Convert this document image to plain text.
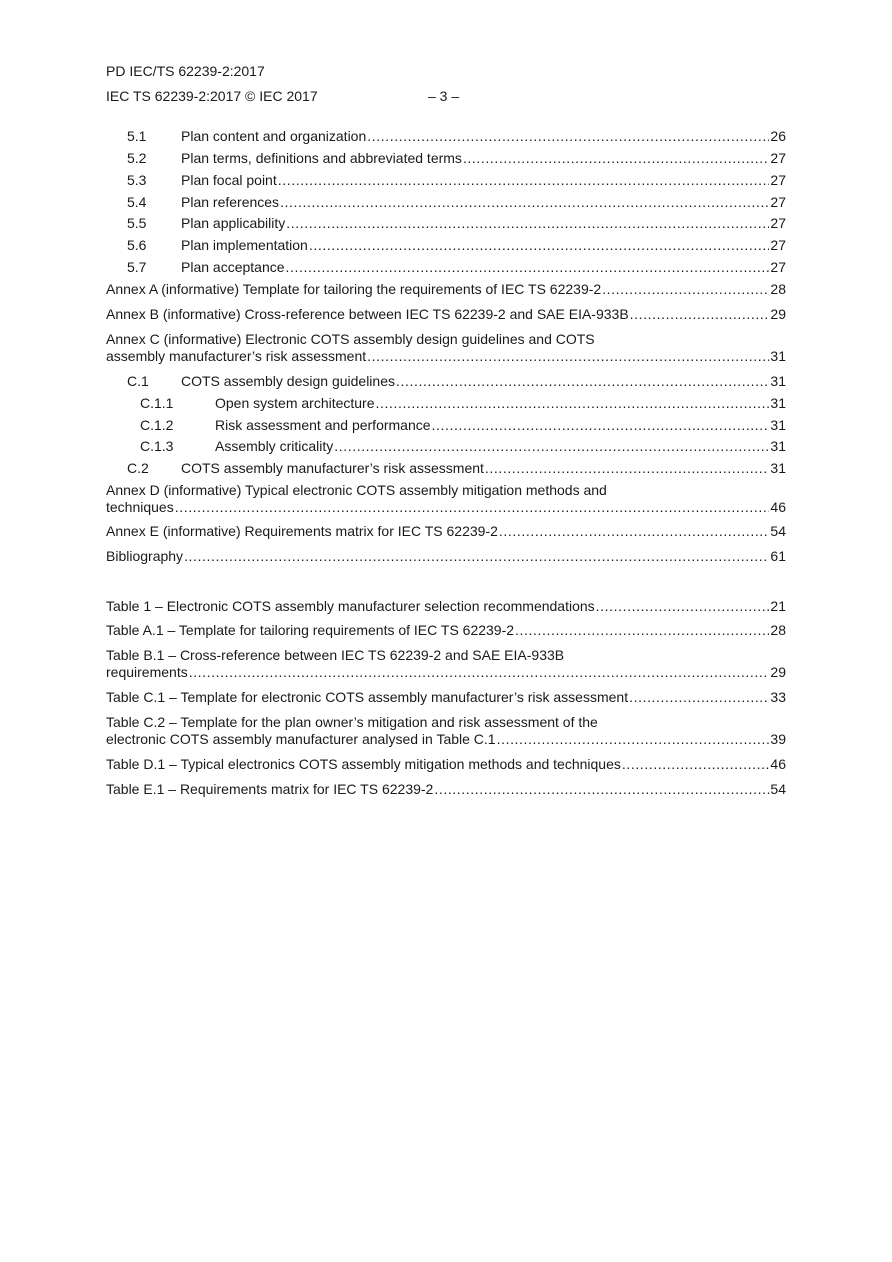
PD IEC/TS 62239-2:2017
IEC TS 62239-2:2017 © IEC 2017	– 3 –
5.1	Plan content and organization .....	26
5.2	Plan terms, definitions and abbreviated terms .....	27
5.3	Plan focal point .....	27
5.4	Plan references .....	27
5.5	Plan applicability .....	27
5.6	Plan implementation .....	27
5.7	Plan acceptance .....	27
Annex A (informative) Template for tailoring the requirements of IEC TS 62239-2 .....	28
Annex B (informative) Cross-reference between IEC TS 62239-2 and SAE EIA-933B .....	29
Annex C (informative) Electronic COTS assembly design guidelines and COTS
assembly manufacturer’s risk assessment .....	31
C.1	COTS assembly design guidelines .....	31
C.1.1	Open system architecture .....	31
C.1.2	Risk assessment and performance .....	31
C.1.3	Assembly criticality .....	31
C.2	COTS assembly manufacturer’s risk assessment .....	31
Annex D (informative) Typical electronic COTS assembly mitigation methods and
techniques .....	46
Annex E (informative) Requirements matrix for IEC TS 62239-2 .....	54
Bibliography .....	61
Table 1 – Electronic COTS assembly manufacturer selection recommendations .....	21
Table A.1 – Template for tailoring requirements of IEC TS 62239-2 .....	28
Table B.1 – Cross-reference between IEC TS 62239-2 and SAE EIA-933B
requirements .....	29
Table C.1 – Template for electronic COTS assembly manufacturer’s risk assessment .....	33
Table C.2 – Template for the plan owner’s mitigation and risk assessment of the
electronic COTS assembly manufacturer analysed in Table C.1 .....	39
Table D.1 – Typical electronics COTS assembly mitigation methods and techniques .....	46
Table E.1 – Requirements matrix for IEC TS 62239-2 .....	54
